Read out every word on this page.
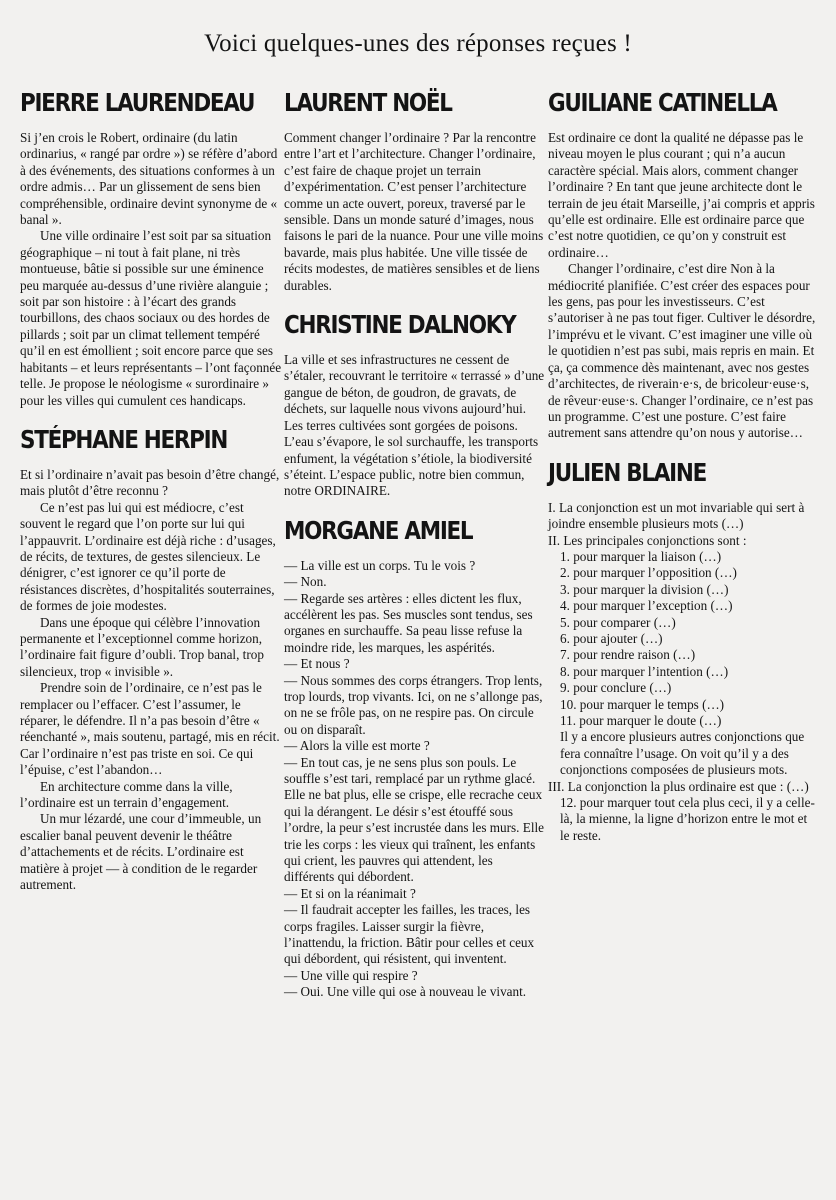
Voici quelques-unes des réponses reçues !
PIERRE LAURENDEAU

Si j’en crois le Robert, ordinaire (du latin ordinarius, « rangé par ordre ») se réfère d’abord à des événements, des situations conformes à un ordre admis… Par un glissement de sens bien compréhensible, ordinaire devint synonyme de « banal ».

Une ville ordinaire l’est soit par sa situation géographique – ni tout à fait plane, ni très montueuse, bâtie si possible sur une éminence peu marquée au-dessus d’une rivière alanguie ; soit par son histoire : à l’écart des grands tourbillons, des chaos sociaux ou des hordes de pillards ; soit par un climat tellement tempéré qu’il en est émollient ; soit encore parce que ses habitants – et leurs représentants – l’ont façonnée telle. Je propose le néologisme « surordinaire » pour les villes qui cumulent ces handicaps.

STÉPHANE HERPIN

Et si l’ordinaire n’avait pas besoin d’être changé, mais plutôt d’être reconnu ?

Ce n’est pas lui qui est médiocre, c’est souvent le regard que l’on porte sur lui qui l’appauvrit. L’ordinaire est déjà riche : d’usages, de récits, de textures, de gestes silencieux. Le dénigrer, c’est ignorer ce qu’il porte de résistances discrètes, d’hospitalités souterraines, de formes de joie modestes.

Dans une époque qui célèbre l’innovation permanente et l’exceptionnel comme horizon, l’ordinaire fait figure d’oubli. Trop banal, trop silencieux, trop « invisible ».

Prendre soin de l’ordinaire, ce n’est pas le remplacer ou l’effacer. C’est l’assumer, le réparer, le défendre. Il n’a pas besoin d’être « réenchanté », mais soutenu, partagé, mis en récit. Car l’ordinaire n’est pas triste en soi. Ce qui l’épuise, c’est l’abandon…

En architecture comme dans la ville, l’ordinaire est un terrain d’engagement.

Un mur lézardé, une cour d’immeuble, un escalier banal peuvent devenir le théâtre d’attachements et de récits. L’ordinaire est matière à projet — à condition de le regarder autrement.

LAURENT NOËL

Comment changer l’ordinaire ? Par la rencontre entre l’art et l’architecture. Changer l’ordinaire, c’est faire de chaque projet un terrain d’expérimentation. C’est penser l’architecture comme un acte ouvert, poreux, traversé par le sensible. Dans un monde saturé d’images, nous faisons le pari de la nuance. Pour une ville moins bavarde, mais plus habitée. Une ville tissée de récits modestes, de matières sensibles et de liens durables.

CHRISTINE DALNOKY

La ville et ses infrastructures ne cessent de s’étaler, recouvrant le territoire « terrassé » d’une gangue de béton, de goudron, de gravats, de déchets, sur laquelle nous vivons aujourd’hui. Les terres cultivées sont gorgées de poisons. L’eau s’évapore, le sol surchauffe, les transports enfument, la végétation s’étiole, la biodiversité s’éteint. L’espace public, notre bien commun, notre ORDINAIRE.

MORGANE AMIEL

— La ville est un corps. Tu le vois ?

— Non.

— Regarde ses artères : elles dictent les flux, accélèrent les pas. Ses muscles sont tendus, ses organes en surchauffe. Sa peau lisse refuse la moindre ride, les marques, les aspérités.

— Et nous ?

— Nous sommes des corps étrangers. Trop lents, trop lourds, trop vivants. Ici, on ne s’allonge pas, on ne se frôle pas, on ne respire pas. On circule ou on disparaît.

— Alors la ville est morte ?

— En tout cas, je ne sens plus son pouls. Le souffle s’est tari, remplacé par un rythme glacé. Elle ne bat plus, elle se crispe, elle recrache ceux qui la dérangent. Le désir s’est étouffé sous l’ordre, la peur s’est incrustée dans les murs. Elle trie les corps : les vieux qui traînent, les enfants qui crient, les pauvres qui attendent, les différents qui débordent.

— Et si on la réanimait ?

— Il faudrait accepter les failles, les traces, les corps fragiles. Laisser surgir la fièvre, l’inattendu, la friction. Bâtir pour celles et ceux qui débordent, qui résistent, qui inventent.

— Une ville qui respire ?

— Oui. Une ville qui ose à nouveau le vivant.

GUILIANE CATINELLA

Est ordinaire ce dont la qualité ne dépasse pas le niveau moyen le plus courant ; qui n’a aucun caractère spécial. Mais alors, comment changer l’ordinaire ? En tant que jeune architecte dont le terrain de jeu était Marseille, j’ai compris et appris qu’elle est ordinaire. Elle est ordinaire parce que c’est notre quotidien, ce qu’on y construit est ordinaire…

Changer l’ordinaire, c’est dire Non à la médiocrité planifiée. C’est créer des espaces pour les gens, pas pour les investisseurs. C’est s’autoriser à ne pas tout figer. Cultiver le désordre, l’imprévu et le vivant. C’est imaginer une ville où le quotidien n’est pas subi, mais repris en main. Et ça, ça commence dès maintenant, avec nos gestes d’architectes, de riverain·e·s, de bricoleur·euse·s, de rêveur·euse·s. Changer l’ordinaire, ce n’est pas un programme. C’est une posture. C’est faire autrement sans attendre qu’on nous y autorise…

JULIEN BLAINE

I. La conjonction est un mot invariable qui sert à joindre ensemble plusieurs mots (…)

II. Les principales conjonctions sont :

1. pour marquer la liaison (…)
2. pour marquer l’opposition (…)
3. pour marquer la division (…)
4. pour marquer l’exception (…)
5. pour comparer (…)
6. pour ajouter (…)
7. pour rendre raison (…)
8. pour marquer l’intention (…)
9. pour conclure (…)
10. pour marquer le temps (…)
11. pour marquer le doute (…)

Il y a encore plusieurs autres conjonctions que fera connaître l’usage. On voit qu’il y a des conjonctions composées de plusieurs mots.

III. La conjonction la plus ordinaire est que : (…)

12. pour marquer tout cela plus ceci, il y a celle-là, la mienne, la ligne d’horizon entre le mot et le reste.
